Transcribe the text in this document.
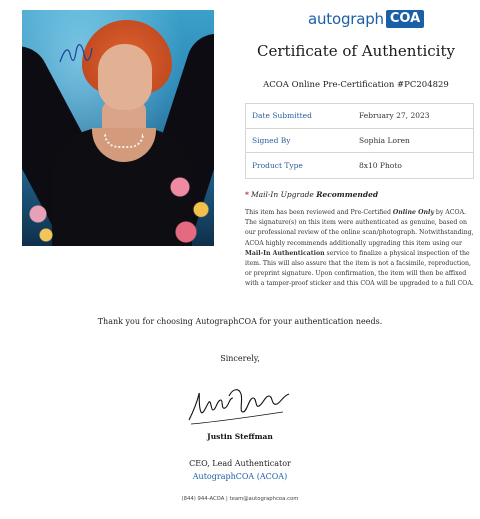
autograph COA
Certificate of Authenticity
ACOA Online Pre-Certification #PC204829
Date Submitted	February 27, 2023
Signed By	Sophia Loren
Product Type	8x10 Photo
* Mail-In Upgrade Recommended
This item has been reviewed and Pre-Certified Online Only by ACOA. The signature(s) on this item were authenticated as genuine, based on our professional review of the online scan/photograph. Notwithstanding, ACOA highly recommends additionally upgrading this item using our Mail-In Authentication service to finalize a physical inspection of the item. This will also assure that the item is not a facsimile, reproduction, or preprint signature. Upon confirmation, the item will then be affixed with a tamper-proof sticker and this COA will be upgraded to a full COA.
Thank you for choosing AutographCOA for your authentication needs.
Sincerely,
Justin Steffman
CEO, Lead Authenticator
AutographCOA (ACOA)
(844) 944-ACOA | team@autographcoa.com
